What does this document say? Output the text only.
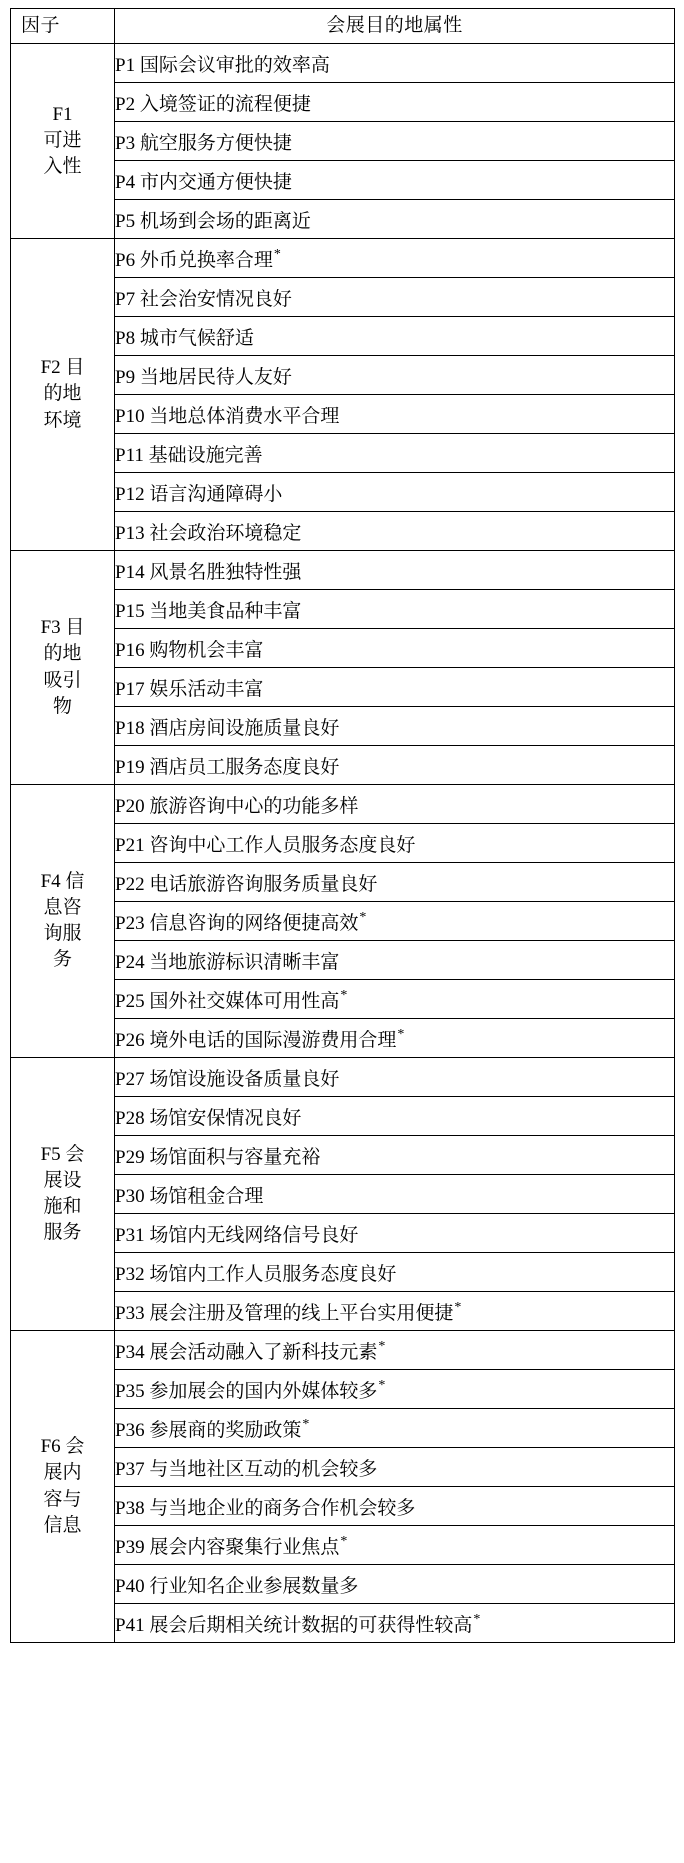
因子	会展目的地属性
F1 可进入性	P1 国际会议审批的效率高
	P2 入境签证的流程便捷
	P3 航空服务方便快捷
	P4 市内交通方便快捷
	P5 机场到会场的距离近
F2 目的地环境	P6 外币兑换率合理*
	P7 社会治安情况良好
	P8 城市气候舒适
	P9 当地居民待人友好
	P10 当地总体消费水平合理
	P11 基础设施完善
	P12 语言沟通障碍小
	P13 社会政治环境稳定
F3 目的地吸引物	P14 风景名胜独特性强
	P15 当地美食品种丰富
	P16 购物机会丰富
	P17 娱乐活动丰富
	P18 酒店房间设施质量良好
	P19 酒店员工服务态度良好
F4 信息咨询服务	P20 旅游咨询中心的功能多样
	P21 咨询中心工作人员服务态度良好
	P22 电话旅游咨询服务质量良好
	P23 信息咨询的网络便捷高效*
	P24 当地旅游标识清晰丰富
	P25 国外社交媒体可用性高*
	P26 境外电话的国际漫游费用合理*
F5 会展设施和服务	P27 场馆设施设备质量良好
	P28 场馆安保情况良好
	P29 场馆面积与容量充裕
	P30 场馆租金合理
	P31 场馆内无线网络信号良好
	P32 场馆内工作人员服务态度良好
	P33 展会注册及管理的线上平台实用便捷*
F6 会展内容与信息	P34 展会活动融入了新科技元素*
	P35 参加展会的国内外媒体较多*
	P36 参展商的奖励政策*
	P37 与当地社区互动的机会较多
	P38 与当地企业的商务合作机会较多
	P39 展会内容聚集行业焦点*
	P40 行业知名企业参展数量多
	P41 展会后期相关统计数据的可获得性较高*
